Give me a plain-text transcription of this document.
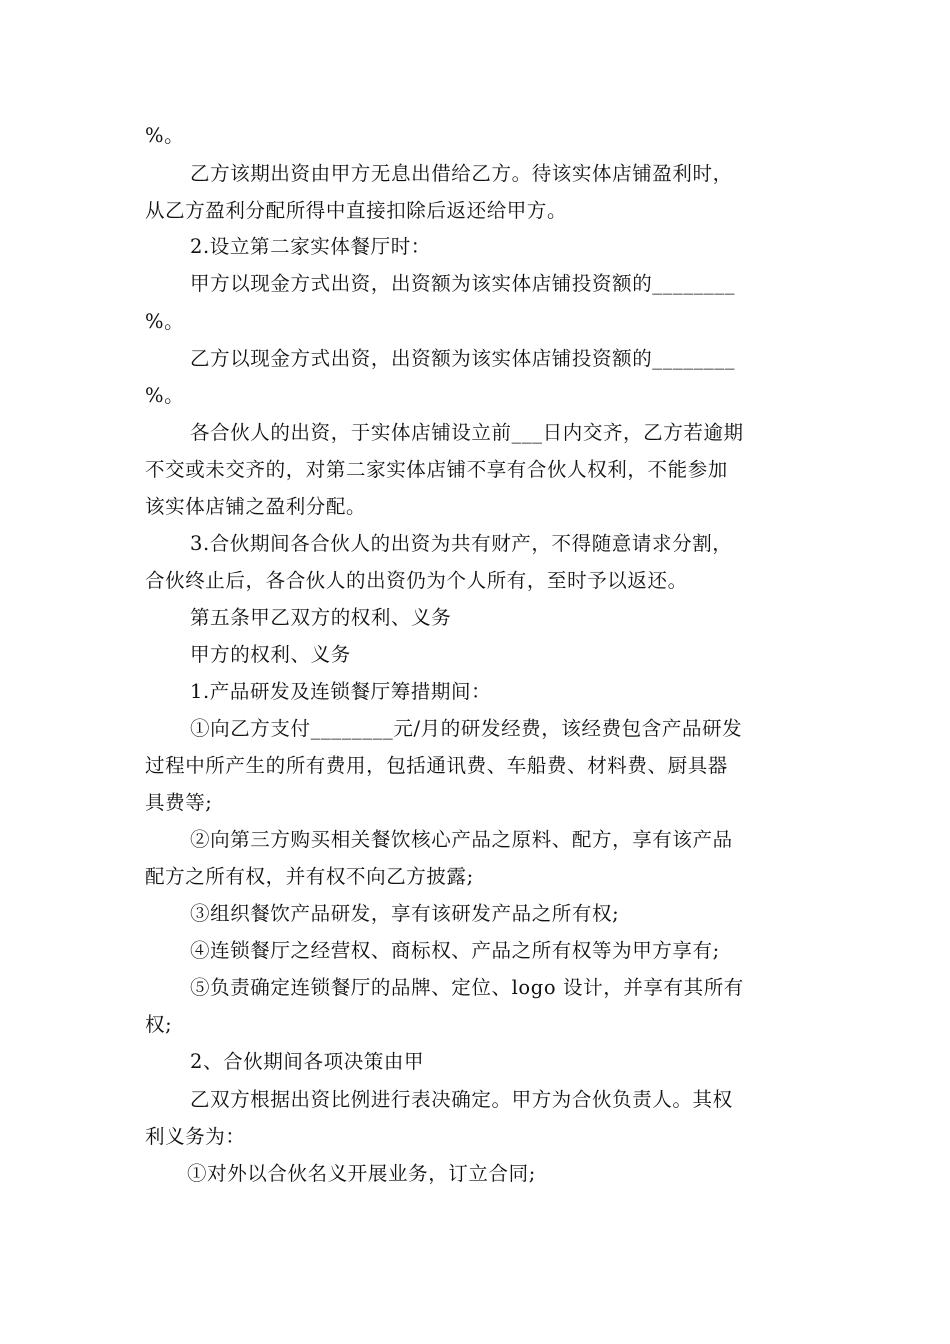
%。
乙方该期出资由甲方无息出借给乙方。待该实体店铺盈利时，
从乙方盈利分配所得中直接扣除后返还给甲方。
2.设立第二家实体餐厅时：
甲方以现金方式出资，出资额为该实体店铺投资额的________
%。
乙方以现金方式出资，出资额为该实体店铺投资额的________
%。
各合伙人的出资，于实体店铺设立前___日内交齐，乙方若逾期
不交或未交齐的，对第二家实体店铺不享有合伙人权利，不能参加
该实体店铺之盈利分配。
3.合伙期间各合伙人的出资为共有财产，不得随意请求分割，
合伙终止后，各合伙人的出资仍为个人所有，至时予以返还。
第五条甲乙双方的权利、义务
甲方的权利、义务
1.产品研发及连锁餐厅筹措期间：
①向乙方支付________元/月的研发经费，该经费包含产品研发
过程中所产生的所有费用，包括通讯费、车船费、材料费、厨具器
具费等;
②向第三方购买相关餐饮核心产品之原料、配方，享有该产品
配方之所有权，并有权不向乙方披露;
③组织餐饮产品研发，享有该研发产品之所有权;
④连锁餐厅之经营权、商标权、产品之所有权等为甲方享有;
⑤负责确定连锁餐厅的品牌、定位、logo 设计，并享有其所有
权;
2、合伙期间各项决策由甲
乙双方根据出资比例进行表决确定。甲方为合伙负责人。其权
利义务为：
①对外以合伙名义开展业务，订立合同;
